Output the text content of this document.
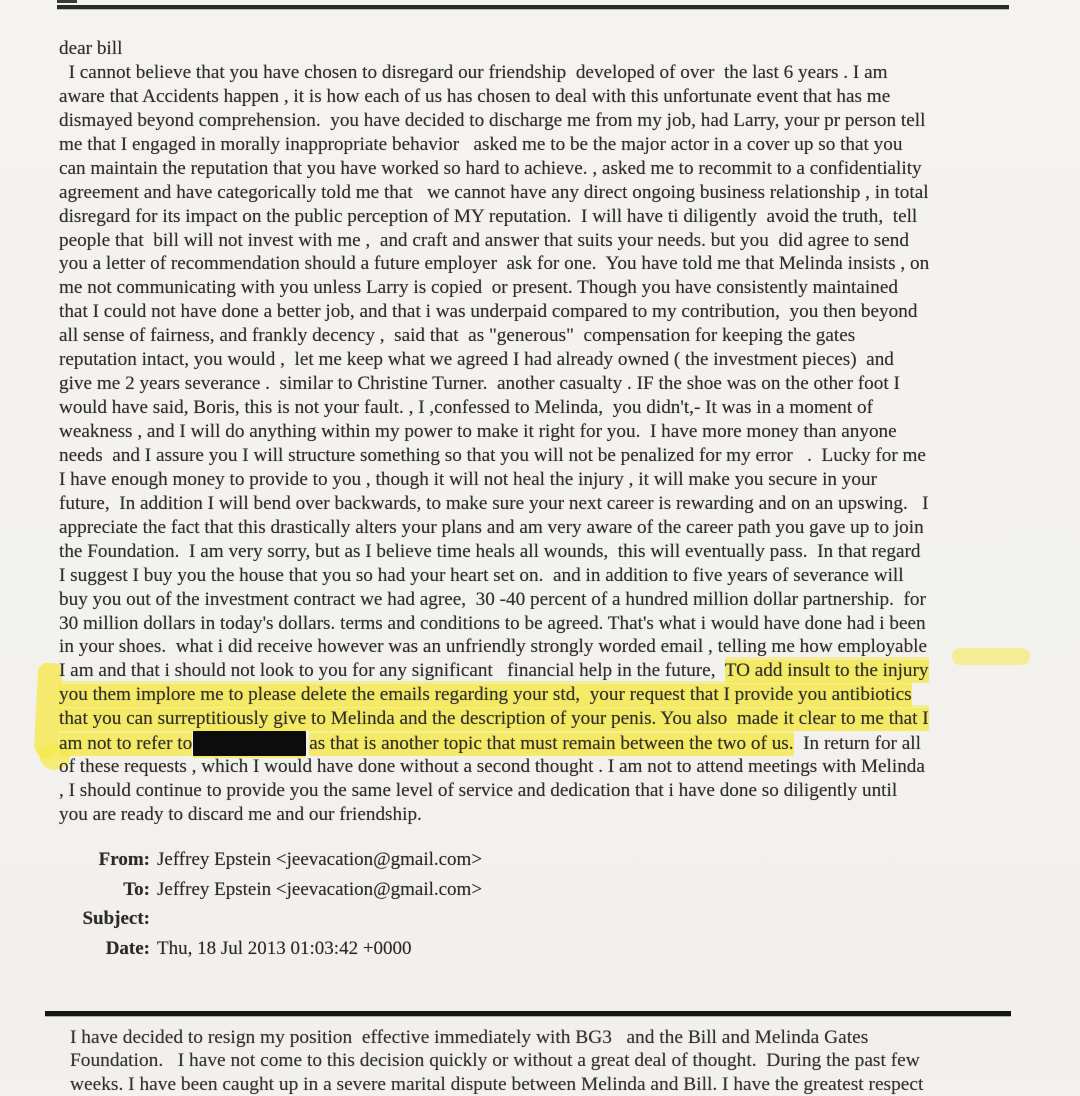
dear bill
I cannot believe that you have chosen to disregard our friendship  developed of over  the last 6 years . I am
aware that Accidents happen , it is how each of us has chosen to deal with this unfortunate event that has me
dismayed beyond comprehension.  you have decided to discharge me from my job, had Larry, your pr person tell
me that I engaged in morally inappropriate behavior   asked me to be the major actor in a cover up so that you
can maintain the reputation that you have worked so hard to achieve. , asked me to recommit to a confidentiality
agreement and have categorically told me that   we cannot have any direct ongoing business relationship , in total
disregard for its impact on the public perception of MY reputation.  I will have ti diligently  avoid the truth,  tell
people that  bill will not invest with me ,  and craft and answer that suits your needs. but you  did agree to send
you a letter of recommendation should a future employer  ask for one.  You have told me that Melinda insists , on
me not communicating with you unless Larry is copied  or present. Though you have consistently maintained
that I could not have done a better job, and that i was underpaid compared to my contribution,  you then beyond
all sense of fairness, and frankly decency ,  said that  as "generous"  compensation for keeping the gates
reputation intact, you would ,  let me keep what we agreed I had already owned ( the investment pieces)  and
give me 2 years severance .  similar to Christine Turner.  another casualty . IF the shoe was on the other foot I
would have said, Boris, this is not your fault. , I ,confessed to Melinda,  you didn't,- It was in a moment of
weakness , and I will do anything within my power to make it right for you.  I have more money than anyone
needs  and I assure you I will structure something so that you will not be penalized for my error   .  Lucky for me
I have enough money to provide to you , though it will not heal the injury , it will make you secure in your
future,  In addition I will bend over backwards, to make sure your next career is rewarding and on an upswing.   I
appreciate the fact that this drastically alters your plans and am very aware of the career path you gave up to join
the Foundation.  I am very sorry, but as I believe time heals all wounds,  this will eventually pass.  In that regard
I suggest I buy you the house that you so had your heart set on.  and in addition to five years of severance will
buy you out of the investment contract we had agree,  30 -40 percent of a hundred million dollar partnership.  for
30 million dollars in today's dollars. terms and conditions to be agreed. That's what i would have done had i been
in your shoes.  what i did receive however was an unfriendly strongly worded email , telling me how employable
I am and that i should not look to you for any significant   financial help in the future,  TO add insult to the injury
you them implore me to please delete the emails regarding your std,  your request that I provide you antibiotics
that you can surreptitiously give to Melinda and the description of your penis. You also  made it clear to me that I
am not to refer to	as that is another topic that must remain between the two of us.  In return for all
of these requests , which I would have done without a second thought . I am not to attend meetings with Melinda
, I should continue to provide you the same level of service and dedication that i have done so diligently until
you are ready to discard me and our friendship.
From: Jeffrey Epstein <jeevacation@gmail.com>
To: Jeffrey Epstein <jeevacation@gmail.com>
Subject:
Date: Thu, 18 Jul 2013 01:03:42 +0000
I have decided to resign my position  effective immediately with BG3   and the Bill and Melinda Gates
Foundation.   I have not come to this decision quickly or without a great deal of thought.  During the past few
weeks. I have been caught up in a severe marital dispute between Melinda and Bill. I have the greatest respect
